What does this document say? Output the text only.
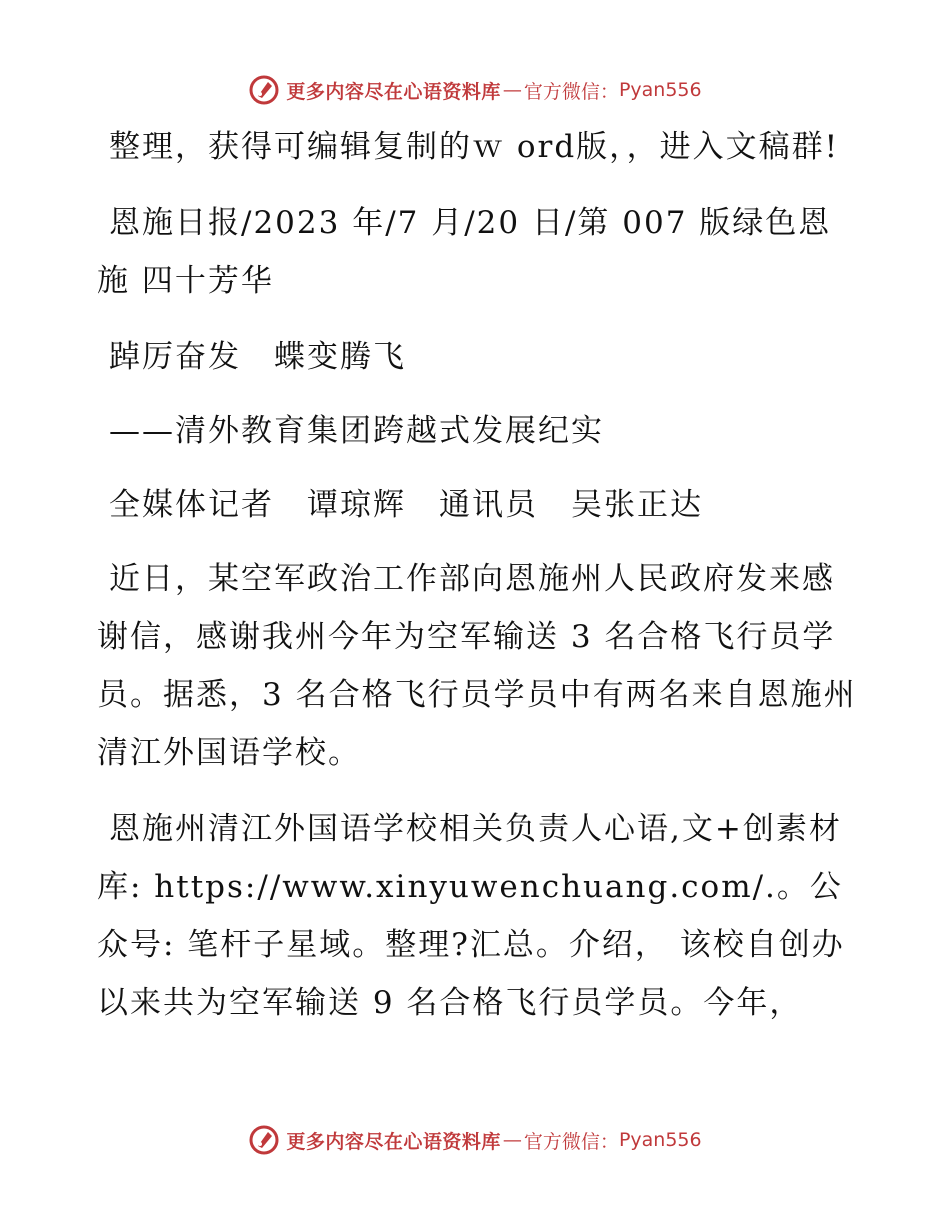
更多内容尽在心语资料库 — 官方微信： Pyan556

整理，获得可编辑复制的ｗ ord版，，进入文稿群!

恩施日报/2023 年/7 月/20 日/第 007 版绿色恩施 四十芳华

踔厉奋发　蝶变腾飞

——清外教育集团跨越式发展纪实

全媒体记者　谭琼辉　通讯员　吴张正达

近日，某空军政治工作部向恩施州人民政府发来感谢信，感谢我州今年为空军输送 3 名合格飞行员学员。据悉，3 名合格飞行员学员中有两名来自恩施州清江外国语学校。

恩施州清江外国语学校相关负责人心语,文+创素材库: https://www.xinyuwenchuang.com/.。公众号: 笔杆子星域。整理?汇总。介绍， 该校自创办以来共为空军输送 9 名合格飞行员学员。今年，

更多内容尽在心语资料库 — 官方微信： Pyan556
